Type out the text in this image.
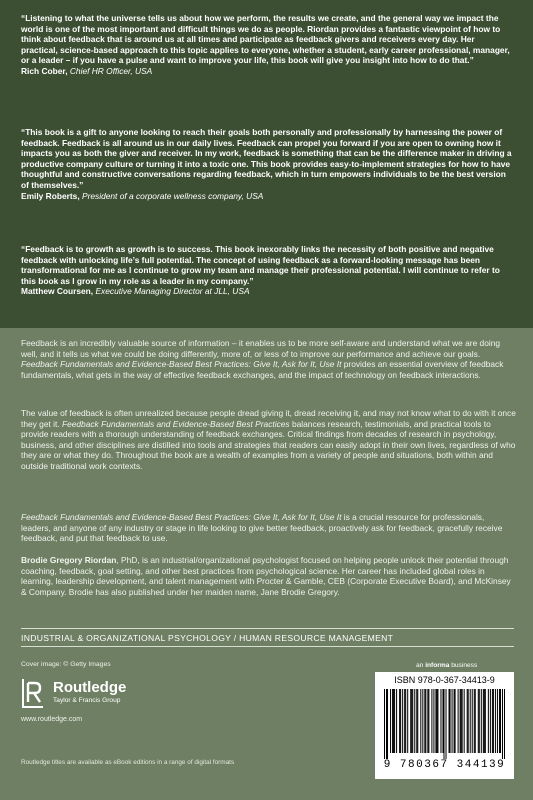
“Listening to what the universe tells us about how we perform, the results we create, and the general way we impact the world is one of the most important and difficult things we do as people. Riordan provides a fantastic viewpoint of how to think about feedback that is around us at all times and participate as feedback givers and receivers every day. Her practical, science-based approach to this topic applies to everyone, whether a student, early career professional, manager, or a leader – if you have a pulse and want to improve your life, this book will give you insight into how to do that.”
Rich Cober, Chief HR Officer, USA
“This book is a gift to anyone looking to reach their goals both personally and professionally by harnessing the power of feedback. Feedback is all around us in our daily lives. Feedback can propel you forward if you are open to owning how it impacts you as both the giver and receiver. In my work, feedback is something that can be the difference maker in driving a productive company culture or turning it into a toxic one. This book provides easy-to-implement strategies for how to have thoughtful and constructive conversations regarding feedback, which in turn empowers individuals to be the best version of themselves.”
Emily Roberts, President of a corporate wellness company, USA
“Feedback is to growth as growth is to success. This book inexorably links the necessity of both positive and negative feedback with unlocking life’s full potential. The concept of using feedback as a forward-looking message has been transformational for me as I continue to grow my team and manage their professional potential. I will continue to refer to this book as I grow in my role as a leader in my company.”
Matthew Coursen, Executive Managing Director at JLL, USA
Feedback is an incredibly valuable source of information – it enables us to be more self-aware and understand what we are doing well, and it tells us what we could be doing differently, more of, or less of to improve our performance and achieve our goals. Feedback Fundamentals and Evidence-Based Best Practices: Give It, Ask for It, Use It provides an essential overview of feedback fundamentals, what gets in the way of effective feedback exchanges, and the impact of technology on feedback interactions.
The value of feedback is often unrealized because people dread giving it, dread receiving it, and may not know what to do with it once they get it. Feedback Fundamentals and Evidence-Based Best Practices balances research, testimonials, and practical tools to provide readers with a thorough understanding of feedback exchanges. Critical findings from decades of research in psychology, business, and other disciplines are distilled into tools and strategies that readers can easily adopt in their own lives, regardless of who they are or what they do. Throughout the book are a wealth of examples from a variety of people and situations, both within and outside traditional work contexts.
Feedback Fundamentals and Evidence-Based Best Practices: Give It, Ask for It, Use It is a crucial resource for professionals, leaders, and anyone of any industry or stage in life looking to give better feedback, proactively ask for feedback, gracefully receive feedback, and put that feedback to use.
Brodie Gregory Riordan, PhD, is an industrial/organizational psychologist focused on helping people unlock their potential through coaching, feedback, goal setting, and other best practices from psychological science. Her career has included global roles in learning, leadership development, and talent management with Procter & Gamble, CEB (Corporate Executive Board), and McKinsey & Company. Brodie has also published under her maiden name, Jane Brodie Gregory.
INDUSTRIAL & ORGANIZATIONAL PSYCHOLOGY / HUMAN RESOURCE MANAGEMENT
Cover image: © Getty Images
Routledge
Taylor & Francis Group
www.routledge.com
Routledge titles are available as eBook editions in a range of digital formats
an informa business
ISBN 978-0-367-34413-9
9 780367 344139
